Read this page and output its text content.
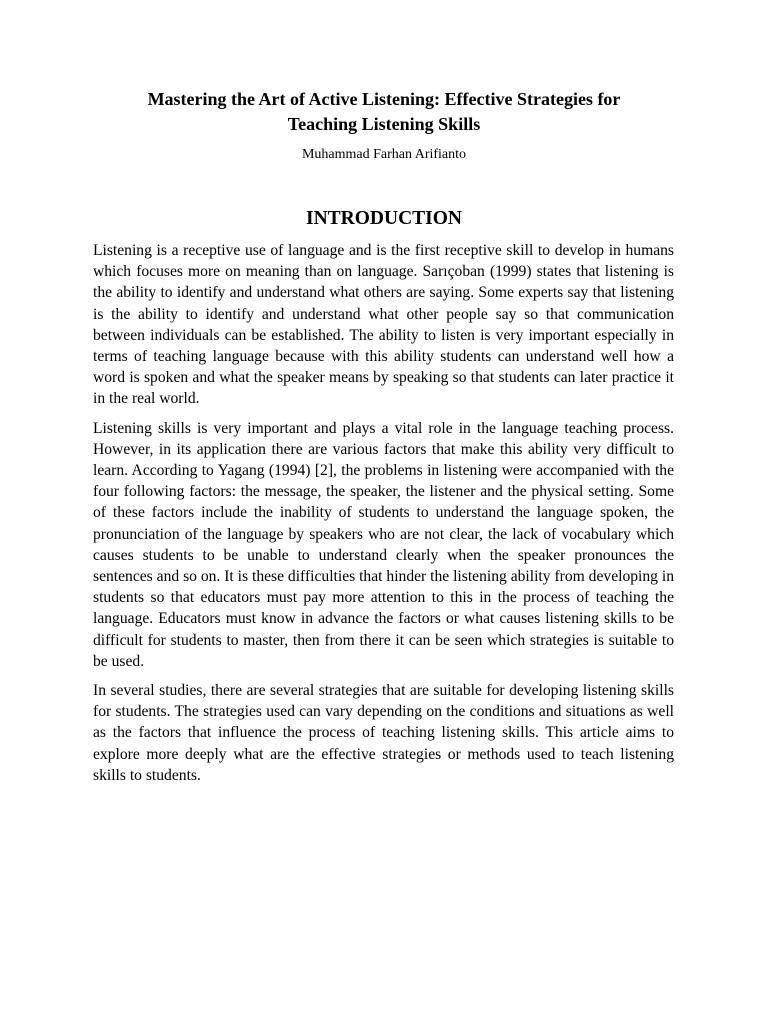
Mastering the Art of Active Listening: Effective Strategies for
Teaching Listening Skills
Muhammad Farhan Arifianto
INTRODUCTION

Listening is a receptive use of language and is the first receptive skill to develop in humans which focuses more on meaning than on language. Sarıçoban (1999) states that listening is the ability to identify and understand what others are saying. Some experts say that listening is the ability to identify and understand what other people say so that communication between individuals can be established. The ability to listen is very important especially in terms of teaching language because with this ability students can understand well how a word is spoken and what the speaker means by speaking so that students can later practice it in the real world.

Listening skills is very important and plays a vital role in the language teaching process. However, in its application there are various factors that make this ability very difficult to learn. According to Yagang (1994) [2], the problems in listening were accompanied with the four following factors: the message, the speaker, the listener and the physical setting. Some of these factors include the inability of students to understand the language spoken, the pronunciation of the language by speakers who are not clear, the lack of vocabulary which causes students to be unable to understand clearly when the speaker pronounces the sentences and so on. It is these difficulties that hinder the listening ability from developing in students so that educators must pay more attention to this in the process of teaching the language. Educators must know in advance the factors or what causes listening skills to be difficult for students to master, then from there it can be seen which strategies is suitable to be used.

In several studies, there are several strategies that are suitable for developing listening skills for students. The strategies used can vary depending on the conditions and situations as well as the factors that influence the process of teaching listening skills. This article aims to explore more deeply what are the effective strategies or methods used to teach listening skills to students.
